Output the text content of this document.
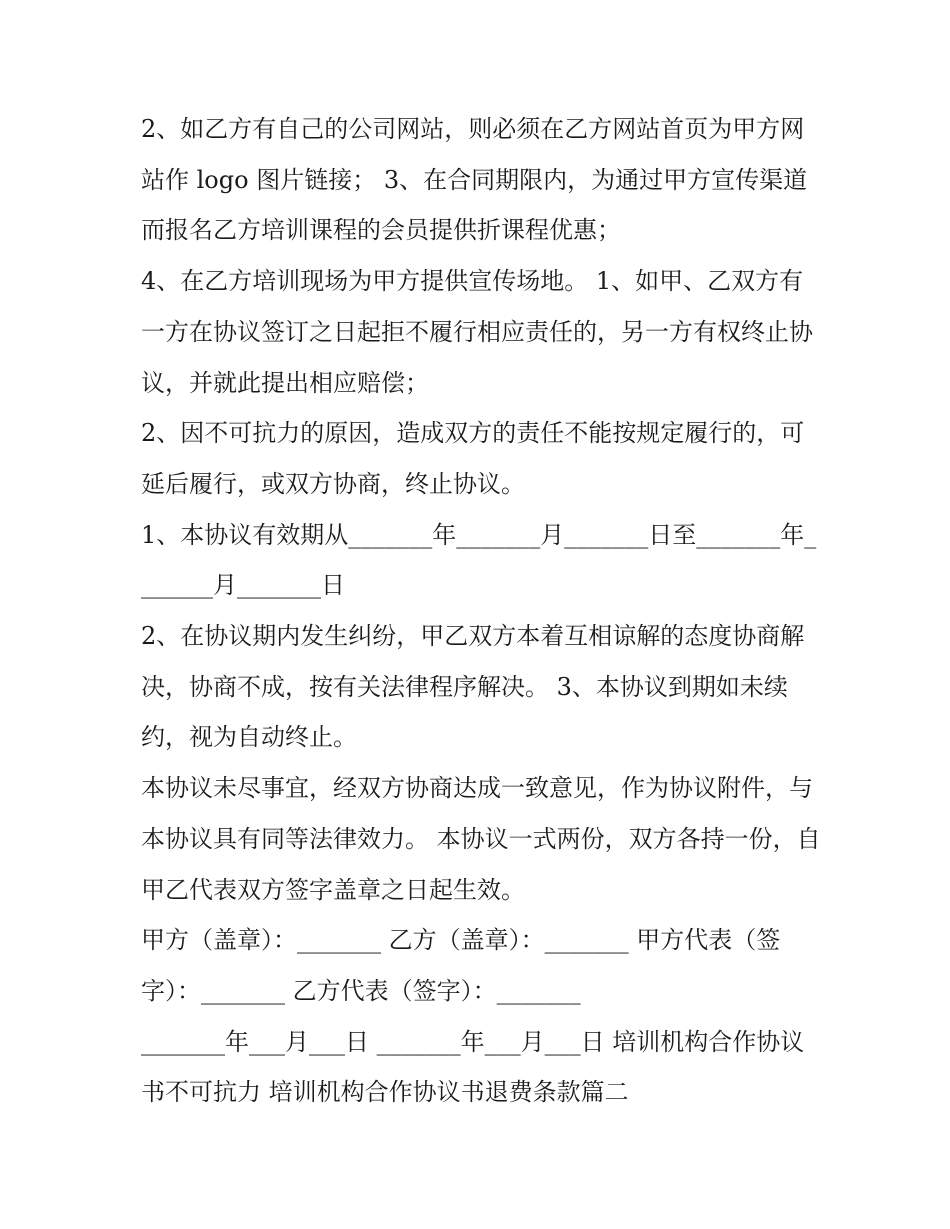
2、如乙方有自己的公司网站，则必须在乙方网站首页为甲方网站作 logo 图片链接； 3、在合同期限内，为通过甲方宣传渠道而报名乙方培训课程的会员提供折课程优惠；

4、在乙方培训现场为甲方提供宣传场地。 1、如甲、乙双方有一方在协议签订之日起拒不履行相应责任的，另一方有权终止协议，并就此提出相应赔偿；

2、因不可抗力的原因，造成双方的责任不能按规定履行的，可延后履行，或双方协商，终止协议。

1、本协议有效期从_______年_______月_______日至_______年_______月_______日

2、在协议期内发生纠纷，甲乙双方本着互相谅解的态度协商解决，协商不成，按有关法律程序解决。 3、本协议到期如未续约，视为自动终止。

本协议未尽事宜，经双方协商达成一致意见，作为协议附件，与本协议具有同等法律效力。 本协议一式两份，双方各持一份，自甲乙代表双方签字盖章之日起生效。

甲方（盖章）：_______ 乙方（盖章）：_______ 甲方代表（签字）：_______ 乙方代表（签字）：_______

_______年___月___日 _______年___月___日 培训机构合作协议书不可抗力 培训机构合作协议书退费条款篇二
